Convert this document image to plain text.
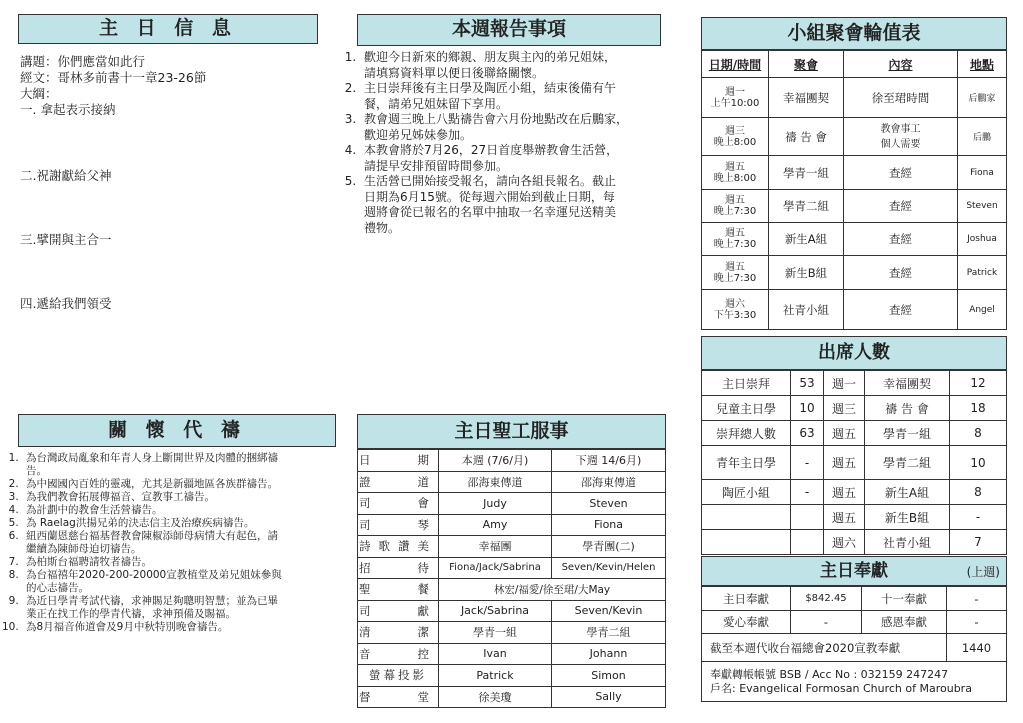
主 日 信 息
講題：你們應當如此行
經文：哥林多前書十一章23-26節
大綱：
一. 拿起表示接納
二.祝謝獻給父神
三.擘開與主合一
四.遞給我們領受
本週報告事項
1. 歡迎今日新來的鄉親、朋友與主內的弟兄姐妹，
請填寫資料單以便日後聯絡關懷。
2. 主日崇拜後有主日學及陶匠小組，結束後備有午
餐，請弟兄姐妹留下享用。
3. 教會週三晚上八點禱告會六月份地點改在后鵬家，
歡迎弟兄姊妹參加。
4. 本教會將於7月26，27日首度舉辦教會生活營，
請提早安排預留時間參加。
5. 生活營已開始接受報名，請向各組長報名。截止
日期為6月15號。從每週六開始到截止日期，每
週將會從已報名的名單中抽取一名幸運兒送精美
禮物。
小組聚會輪值表
日期/時間	聚會	內容	地點
週一
上午10:00	幸福團契	徐至珺時間	后鵬家
週三
晚上8:00	禱 告 會	教會事工
個人需要	后鵬
週五
晚上8:00	學青一組	查經	Fiona
週五
晚上7:30	學青二組	查經	Steven
週五
晚上7:30	新生A組	查經	Joshua
週五
晚上7:30	新生B組	查經	Patrick
週六
下午3:30	社青小組	查經	Angel
出席人數
主日崇拜	53	週一	幸福團契	12
兒童主日學	10	週三	禱 告 會	18
崇拜總人數	63	週五	學青一組	8
青年主日學	-	週五	學青二組	10
陶匠小組	-	週五	新生A組	8
		週五	新生B組	-
		週六	社青小組	7
主日奉獻	(上週)
主日奉獻	$842.45	十一奉獻	-
愛心奉獻	-	感恩奉獻	-
截至本週代收台福總會2020宣教奉獻			1440
奉獻轉帳帳號 BSB / Acc No : 032159 247247
戶名: Evangelical Formosan Church of Maroubra			
關 懷 代 禱
1. 為台灣政局亂象和年青人身上斷開世界及肉體的捆綁禱
告。
2. 為中國國內百姓的靈魂，尤其是新疆地區各族群禱告。
3. 為我們教會拓展傳福音、宣教事工禱告。
4. 為計劃中的教會生活營禱告。
5. 為 Raelag洪揚兄弟的決志信主及治療疾病禱告。
6. 紐西蘭恩慈台福基督教會陳椒添師母病情大有起色，請
繼續為陳師母迫切禱告。
7. 為柏斯台福聘請牧者禱告。
8. 為台福禧年2020-200-20000宣教植堂及弟兄姐妹參與
的心志禱告。
9. 為近日學青考試代禱，求神賜足夠聰明智慧；並為已畢
業正在找工作的學青代禱，求神預備及賜福。
10. 為8月福音佈道會及9月中秋特別晚會禱告。
主日聖工服事
日　　期	本週 (7/6/月)	下週 14/6月)
證　　道	邵海東傳道	邵海東傳道
司　　會	Judy	Steven
司　　琴	Amy	Fiona
詩歌讚美	幸福團	學青團(二)
招　　待	Fiona/Jack/Sabrina	Seven/Kevin/Helen
聖　　餐	林宏/福愛/徐至珺/大May	
司　　獻	Jack/Sabrina	Seven/Kevin
清　　潔	學青一組	學青二組
音　　控	Ivan	Johann
螢幕投影	Patrick	Simon
督　　堂	徐美瓊	Sally
